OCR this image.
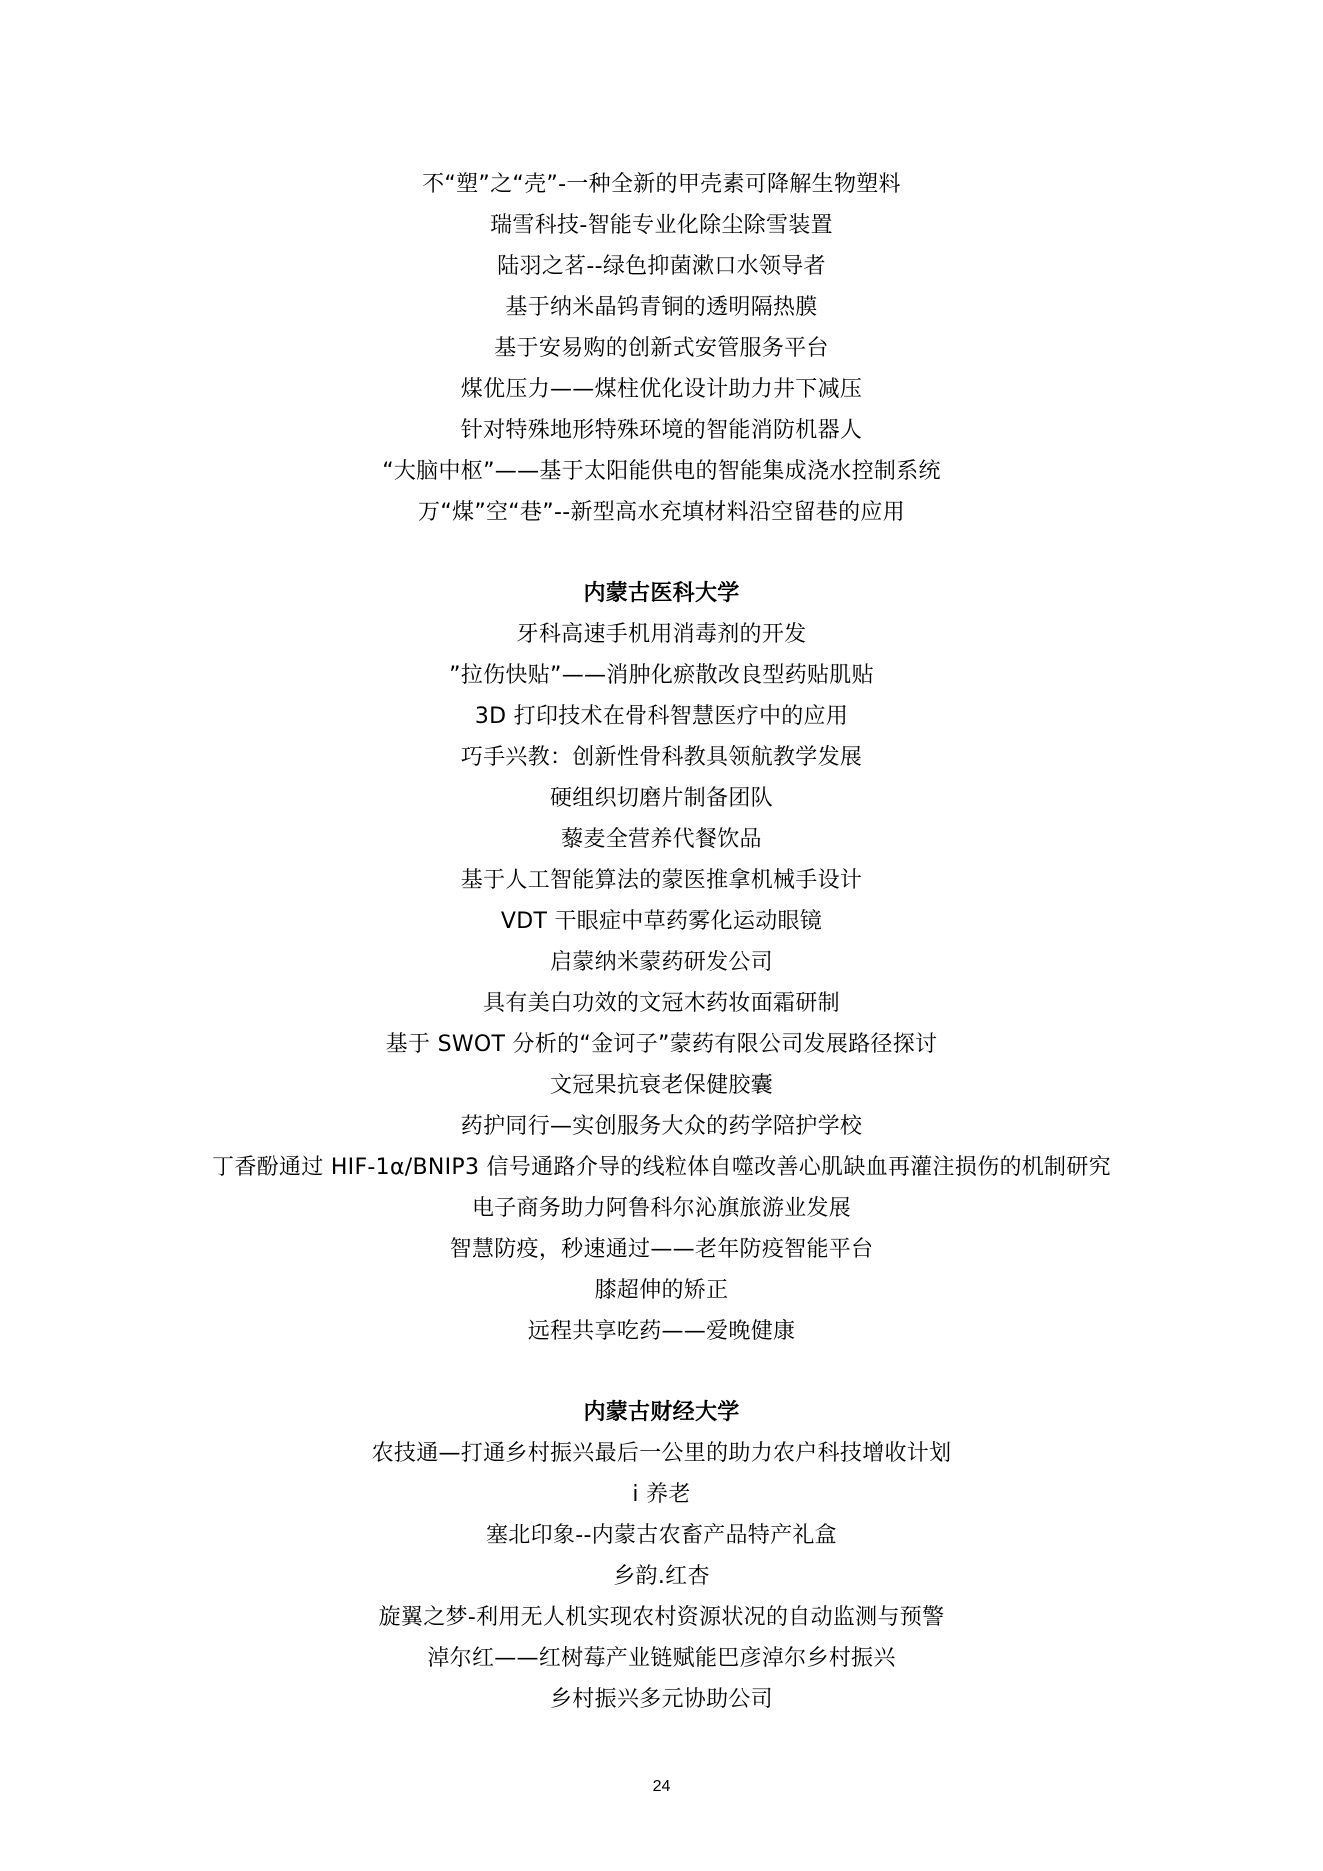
不“塑”之“壳”-一种全新的甲壳素可降解生物塑料
瑞雪科技-智能专业化除尘除雪装置
陆羽之茗--绿色抑菌漱口水领导者
基于纳米晶钨青铜的透明隔热膜
基于安易购的创新式安管服务平台
煤优压力——煤柱优化设计助力井下减压
针对特殊地形特殊环境的智能消防机器人
“大脑中枢”——基于太阳能供电的智能集成浇水控制系统
万“煤”空“巷”--新型高水充填材料沿空留巷的应用
内蒙古医科大学
牙科高速手机用消毒剂的开发
”拉伤快贴”——消肿化瘀散改良型药贴肌贴
3D 打印技术在骨科智慧医疗中的应用
巧手兴教：创新性骨科教具领航教学发展
硬组织切磨片制备团队
藜麦全营养代餐饮品
基于人工智能算法的蒙医推拿机械手设计
VDT 干眼症中草药雾化运动眼镜
启蒙纳米蒙药研发公司
具有美白功效的文冠木药妆面霜研制
基于 SWOT 分析的“金诃子”蒙药有限公司发展路径探讨
文冠果抗衰老保健胶囊
药护同行—实创服务大众的药学陪护学校
丁香酚通过 HIF-1α/BNIP3 信号通路介导的线粒体自噬改善心肌缺血再灌注损伤的机制研究
电子商务助力阿鲁科尔沁旗旅游业发展
智慧防疫，秒速通过——老年防疫智能平台
膝超伸的矫正
远程共享吃药——爱晚健康
内蒙古财经大学
农技通—打通乡村振兴最后一公里的助力农户科技增收计划
i 养老
塞北印象--内蒙古农畜产品特产礼盒
乡韵.红杏
旋翼之梦-利用无人机实现农村资源状况的自动监测与预警
淖尔红——红树莓产业链赋能巴彦淖尔乡村振兴
乡村振兴多元协助公司
24
